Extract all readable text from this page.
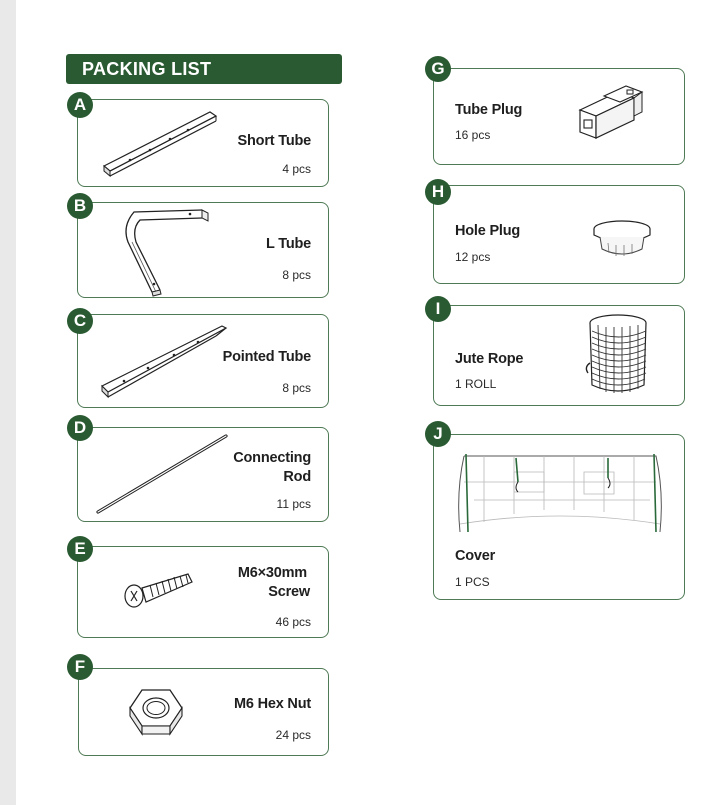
PACKING LIST
A
Short Tube
4 pcs
B
L Tube
8 pcs
C
Pointed Tube
8 pcs
D
Connecting
Rod
11 pcs
E
M6×30mm
Screw
46 pcs
F
M6 Hex Nut
24 pcs
G
Tube Plug
16 pcs
H
Hole Plug
12 pcs
I
Jute Rope
1 ROLL
J
Cover
1 PCS
